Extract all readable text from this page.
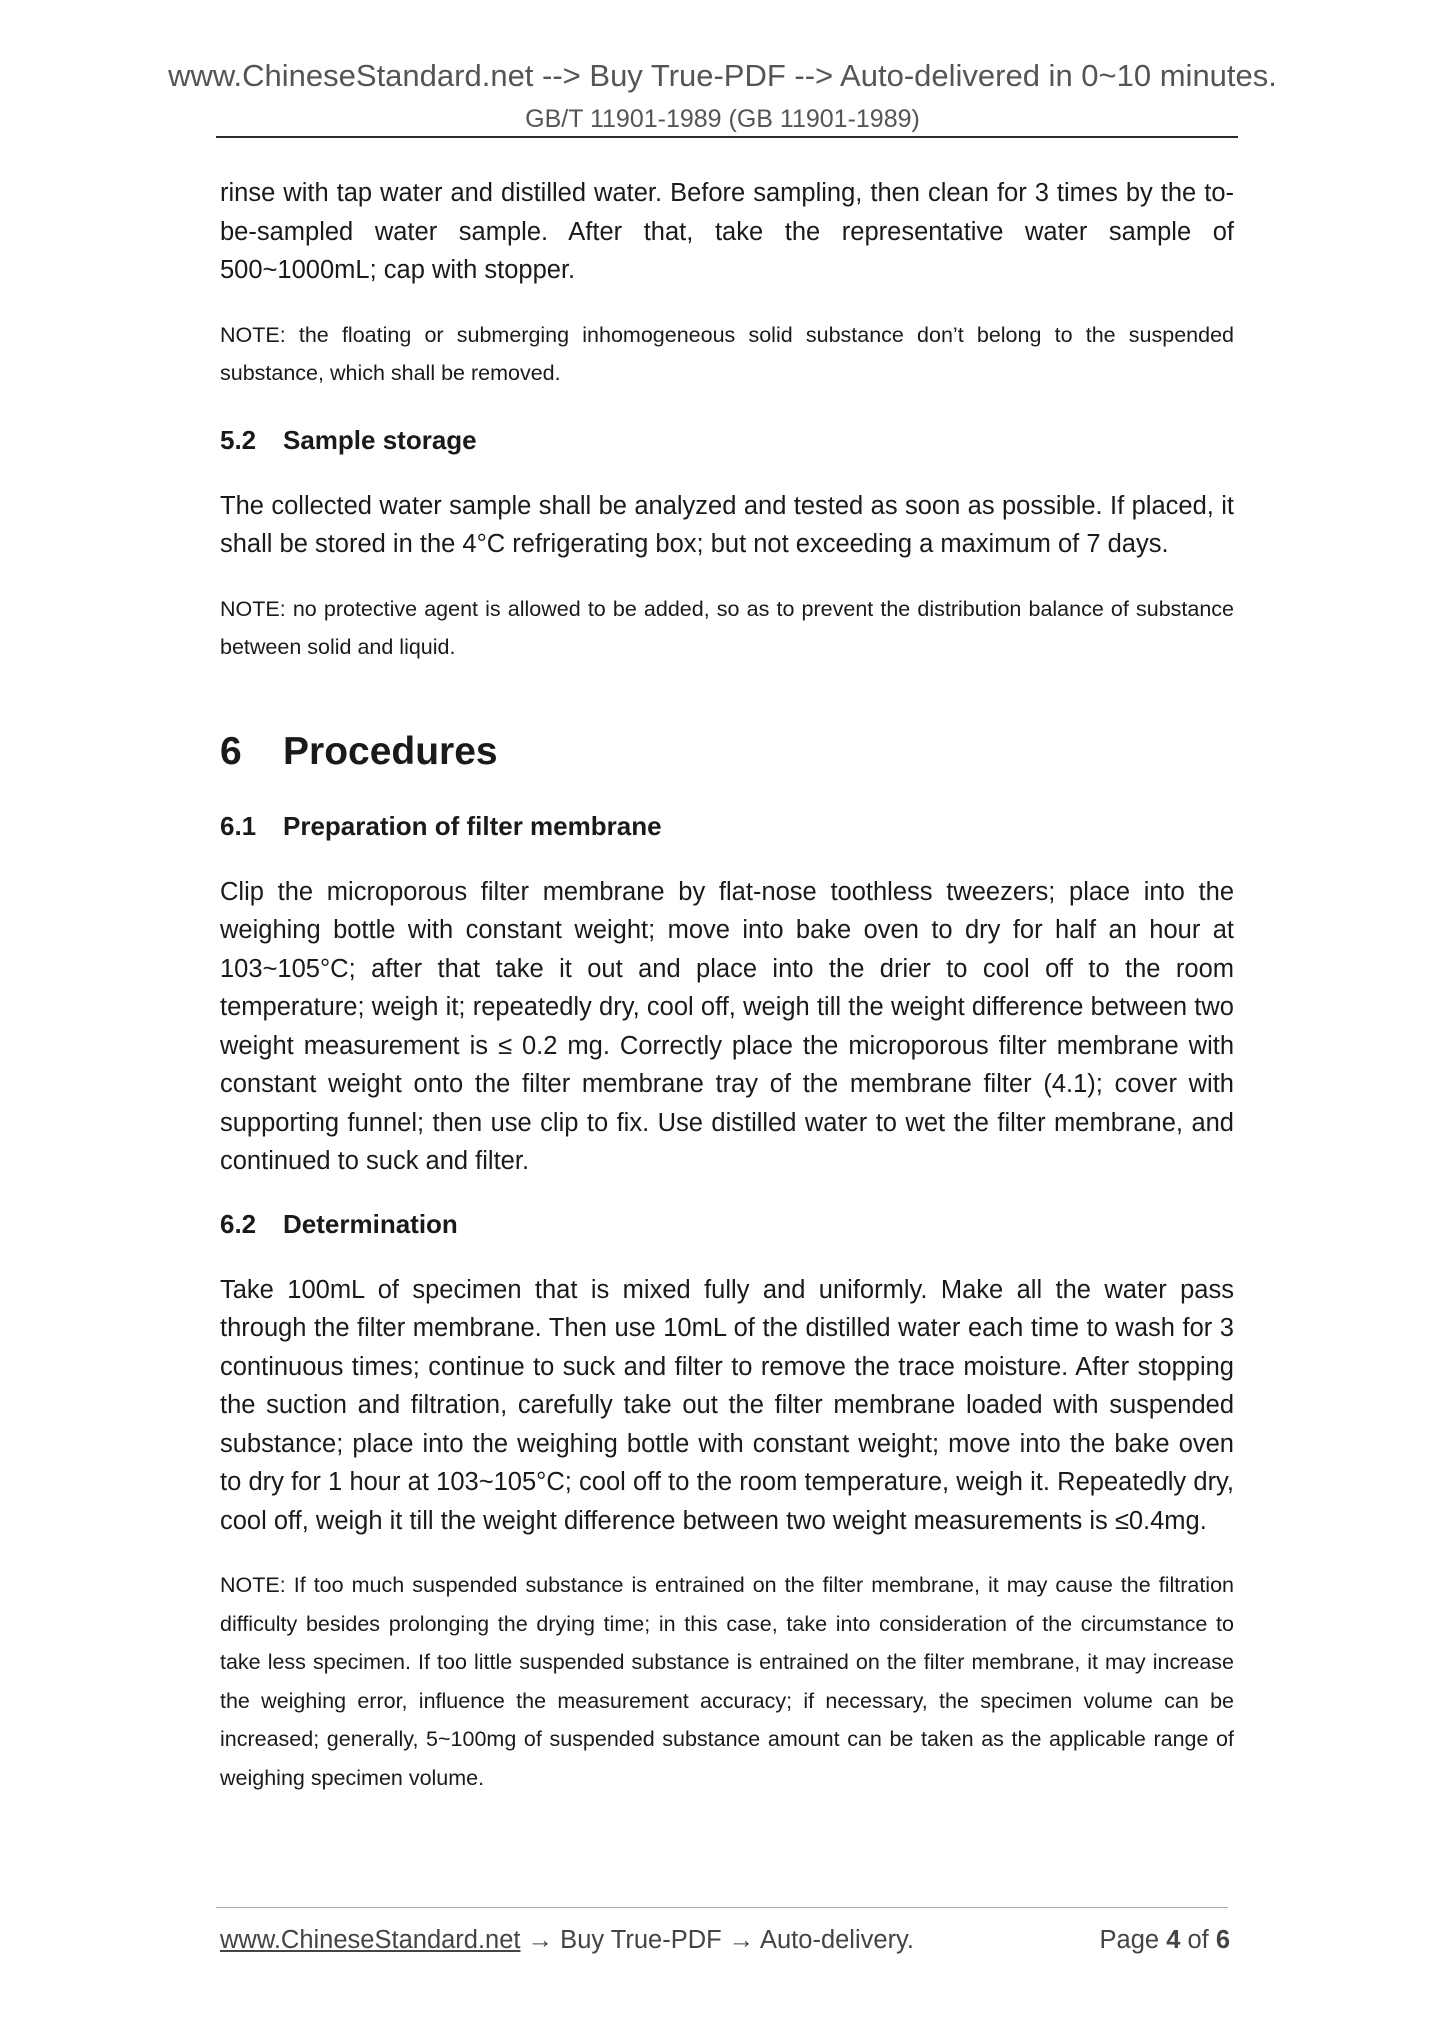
www.ChineseStandard.net --> Buy True-PDF --> Auto-delivered in 0~10 minutes.
GB/T 11901-1989 (GB 11901-1989)

rinse with tap water and distilled water. Before sampling, then clean for 3 times by the to-be-sampled water sample. After that, take the representative water sample of 500~1000mL; cap with stopper.

NOTE: the floating or submerging inhomogeneous solid substance don’t belong to the suspended substance, which shall be removed.

5.2 Sample storage

The collected water sample shall be analyzed and tested as soon as possible. If placed, it shall be stored in the 4°C refrigerating box; but not exceeding a maximum of 7 days.

NOTE: no protective agent is allowed to be added, so as to prevent the distribution balance of substance between solid and liquid.

6 Procedures
6.1 Preparation of filter membrane

Clip the microporous filter membrane by flat-nose toothless tweezers; place into the weighing bottle with constant weight; move into bake oven to dry for half an hour at 103~105°C; after that take it out and place into the drier to cool off to the room temperature; weigh it; repeatedly dry, cool off, weigh till the weight difference between two weight measurement is ≤ 0.2 mg. Correctly place the microporous filter membrane with constant weight onto the filter membrane tray of the membrane filter (4.1); cover with supporting funnel; then use clip to fix. Use distilled water to wet the filter membrane, and continued to suck and filter.

6.2 Determination

Take 100mL of specimen that is mixed fully and uniformly. Make all the water pass through the filter membrane. Then use 10mL of the distilled water each time to wash for 3 continuous times; continue to suck and filter to remove the trace moisture. After stopping the suction and filtration, carefully take out the filter membrane loaded with suspended substance; place into the weighing bottle with constant weight; move into the bake oven to dry for 1 hour at 103~105°C; cool off to the room temperature, weigh it. Repeatedly dry, cool off, weigh it till the weight difference between two weight measurements is ≤0.4mg.

NOTE: If too much suspended substance is entrained on the filter membrane, it may cause the filtration difficulty besides prolonging the drying time; in this case, take into consideration of the circumstance to take less specimen. If too little suspended substance is entrained on the filter membrane, it may increase the weighing error, influence the measurement accuracy; if necessary, the specimen volume can be increased; generally, 5~100mg of suspended substance amount can be taken as the applicable range of weighing specimen volume.

www.ChineseStandard.net → Buy True-PDF → Auto-delivery.	Page 4 of 6
